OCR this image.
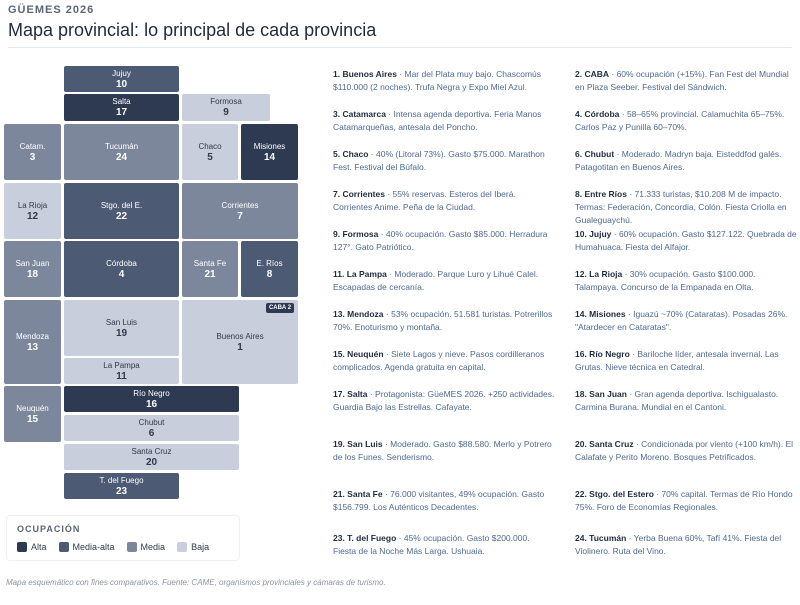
GÜEMES 2026
Mapa provincial: lo principal de cada provincia
Jujuy
10
Salta
17
Formosa
9
Catam.
3
Tucumán
24
Chaco
5
Misiones
14
La Rioja
12
Stgo. del E.
22
Corrientes
7
San Juan
18
Córdoba
4
Santa Fe
21
E. Ríos
8
Mendoza
13
San Luis
19	Buenos Aires
1
La Pampa
11
Río Negro
16
Neuquén
15	Chubut
6
Santa Cruz
20
T. del Fuego
23
CABA 2
OCUPACIÓN
Alta	Media-alta	Media	Baja
1. Buenos Aires · Mar del Plata muy bajo. Chascomús $110.000 (2 noches). Trufa Negra y Expo Miel Azul.
3. Catamarca · Intensa agenda deportiva. Feria Manos Catamarqueñas, antesala del Poncho.
5. Chaco · 40% (Litoral 73%). Gasto $75.000. Marathon Fest. Festival del Búfalo.
7. Corrientes · 55% reservas. Esteros del Iberá. Corrientes Anime. Peña de la Ciudad.
9. Formosa · 40% ocupación. Gasto $85.000. Herradura 127°. Gato Patriótico.
11. La Pampa · Moderado. Parque Luro y Lihué Calel. Escapadas de cercanía.
13. Mendoza · 53% ocupación. 51.581 turistas. Potrerillos 70%. Enoturismo y montaña.
15. Neuquén · Siete Lagos y nieve. Pasos cordilleranos complicados. Agenda gratuita en capital.
17. Salta · Protagonista: GüeMES 2026. +250 actividades. Guardia Bajo las Estrellas. Cafayate.
19. San Luis · Moderado. Gasto $88.580. Merlo y Potrero de los Funes. Senderismo.
21. Santa Fe · 76.000 visitantes, 49% ocupación. Gasto $156.799. Los Auténticos Decadentes.
23. T. del Fuego · 45% ocupación. Gasto $200.000. Fiesta de la Noche Más Larga. Ushuaia.
2. CABA · 60% ocupación (+15%). Fan Fest del Mundial en Plaza Seeber. Festival del Sándwich.
4. Córdoba · 58–65% provincial. Calamuchita 65–75%. Carlos Paz y Punilla 60–70%.
6. Chubut · Moderado. Madryn baja. Eisteddfod galés. Patagotitan en Buenos Aires.
8. Entre Ríos · 71.333 turistas, $10.208 M de impacto. Termas: Federación, Concordia, Colón. Fiesta Criolla en Gualeguaychú.
10. Jujuy · 60% ocupación. Gasto $127.122. Quebrada de Humahuaca. Fiesta del Alfajor.
12. La Rioja · 30% ocupación. Gasto $100.000. Talampaya. Concurso de la Empanada en Olta.
14. Misiones · Iguazú ~70% (Cataratas). Posadas 26%. "Atardecer en Cataratas".
16. Río Negro · Bariloche líder, antesala invernal. Las Grutas. Nieve técnica en Catedral.
18. San Juan · Gran agenda deportiva. Ischigualasto. Carmina Burana. Mundial en el Cantoni.
20. Santa Cruz · Condicionada por viento (+100 km/h). El Calafate y Perito Moreno. Bosques Petrificados.
22. Stgo. del Estero · 70% capital. Termas de Río Hondo 75%. Foro de Economías Regionales.
24. Tucumán · Yerba Buena 60%, Tafí 41%. Fiesta del Violinero. Ruta del Vino.
Mapa esquemático con fines comparativos. Fuente: CAME, organismos provinciales y cámaras de turismo.
